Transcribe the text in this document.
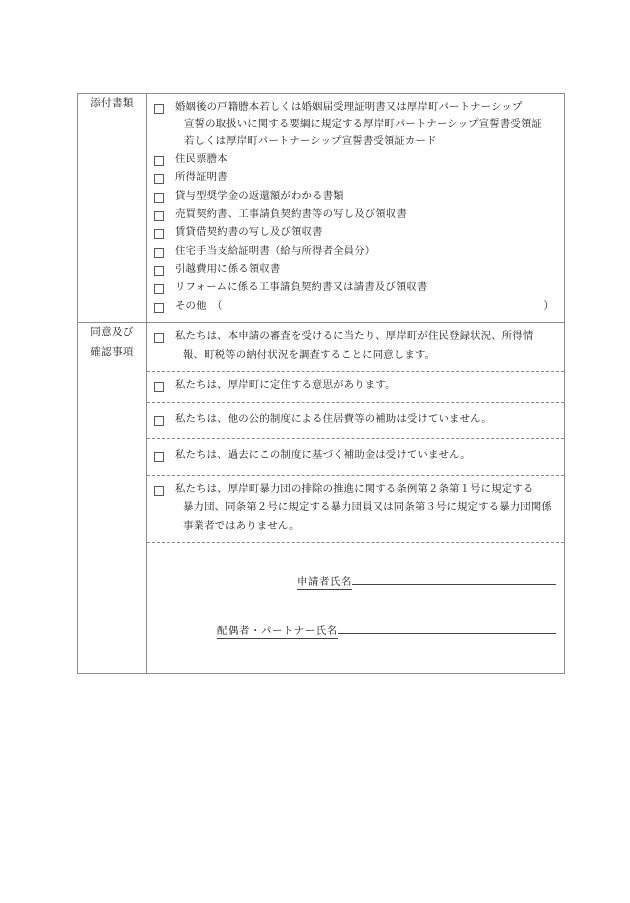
添付書類	婚姻後の戸籍謄本若しくは婚姻届受理証明書又は厚岸町パートナーシップ
宣誓の取扱いに関する要綱に規定する厚岸町パートナーシップ宣誓書受領証
若しくは厚岸町パートナーシップ宣誓書受領証カード
住民票謄本
所得証明書
貸与型奨学金の返還額がわかる書類
売買契約書、工事請負契約書等の写し及び領収書
賃貸借契約書の写し及び領収書
住宅手当支給証明書（給与所得者全員分）
引越費用に係る領収書
リフォームに係る工事請負契約書又は請書及び領収書
その他　（	）

同意及び
確認事項

私たちは、本申請の審査を受けるに当たり、厚岸町が住民登録状況、所得情
報、町税等の納付状況を調査することに同意します。
私たちは、厚岸町に定住する意思があります。
私たちは、他の公的制度による住居費等の補助は受けていません。
私たちは、過去にこの制度に基づく補助金は受けていません。
私たちは、厚岸町暴力団の排除の推進に関する条例第２条第１号に規定する
暴力団、同条第２号に規定する暴力団員又は同条第３号に規定する暴力団関係
事業者ではありません。
申請者氏名
配偶者・パートナー氏名
